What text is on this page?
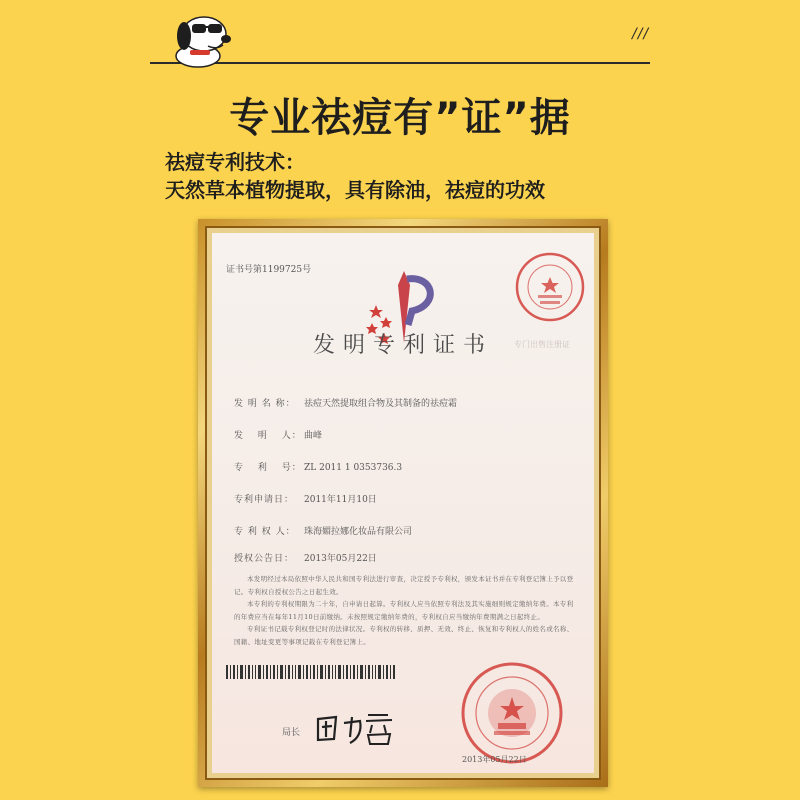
///
专业祛痘有”证”据
祛痘专利技术：
天然草本植物提取，具有除油，祛痘的功效
证书号第1199725号
发明专利证书	专门出售注册证
发 明 名 称： 祛痘天然提取组合物及其制备的祛痘霜
发　 明　 人： 曲峰
专　 利　 号： ZL 2011 1 0353736.3
专利申请日： 2011年11月10日
专 利 权 人： 珠海媚拉娜化妆品有限公司
授权公告日： 2013年05月22日

本发明经过本局依照中华人民共和国专利法进行审查，决定授予专利权，颁发本证书并在专利登记簿上予以登记。专利权自授权公告之日起生效。

本专利的专利权期限为二十年，自申请日起算。专利权人应当依照专利法及其实施细则规定缴纳年费。本专利的年费应当在每年11月10日前缴纳。未按照规定缴纳年费的，专利权自应当缴纳年费期满之日起终止。

专利证书记载专利权登记时的法律状况。专利权的转移、质押、无效、终止、恢复和专利权人的姓名或名称、国籍、地址变更等事项记载在专利登记簿上。

局长
2013年05月22日
